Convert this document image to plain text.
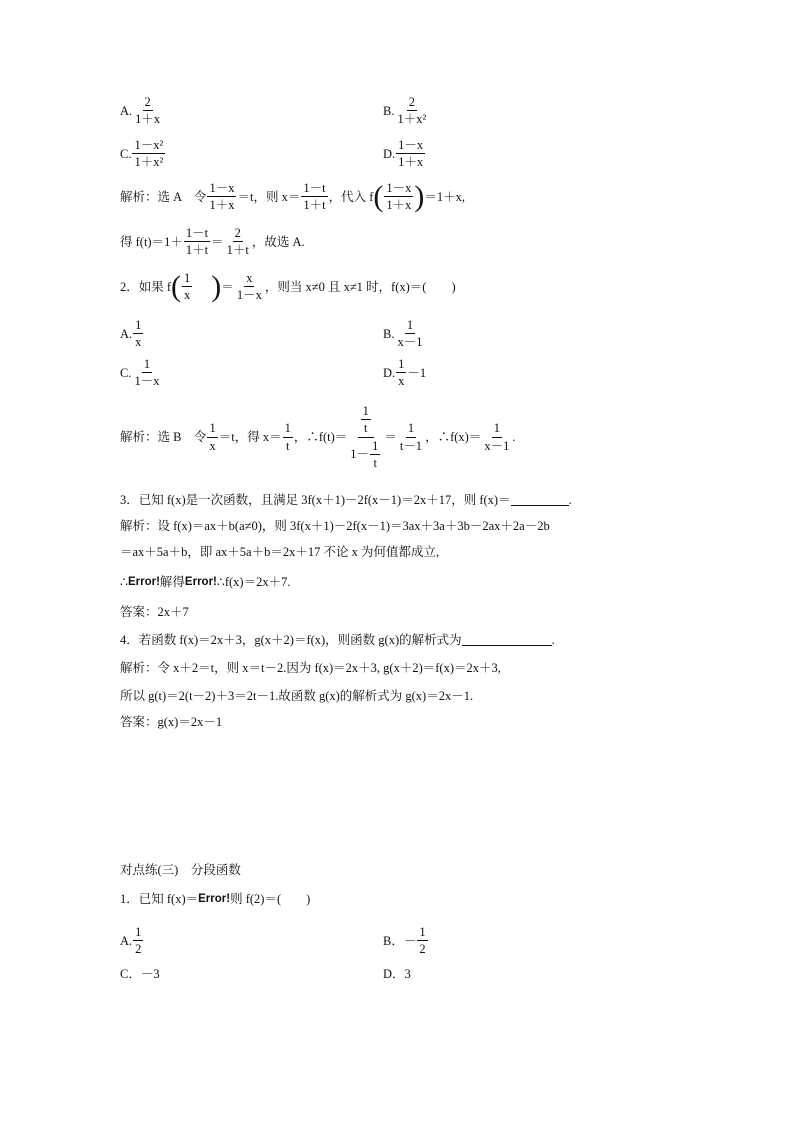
A. $\frac{2}{1+x}$	B. $\frac{2}{\text{1＋x²}}$
C. $\frac{\text{1－x²}}{\text{1＋x²}}$	D. $\frac{1-x}{1+x}$
解析：选 A　令 $\frac{1-x}{1+x} =t$，则 $x= \frac{1-t}{1+t}$ ，代入 f ( $\frac{1-x}{1+x}$ ) ＝1＋x,
得 $f(t)=1+ \frac{1-t}{1+t} = \frac{2}{1+t}$ ，故选 A.
2．如果 f ( $\frac{1}{x}$ ) ＝ $\frac{x}{1-x}$ ，则当 x≠0 且 x≠1 时，f(x)＝(　　)
A. $\frac{1}{x}$	B. $\frac{1}{x-1}$
C. $\frac{1}{1-x}$	D. $\frac{1}{x} -1$
解析：选 B　令 $\frac{1}{x} =t$，得 $x= \frac{1}{t}$ ，∴f(t)＝ $\frac{\frac{1}{t}}{1- \frac{1}{t}} = \frac{1}{t-1}$ ，∴f(x)＝ $\frac{1}{x-1}$ .
3．已知 f(x)是一次函数，且满足 3f(x＋1)－2f(x－1)＝2x＋17，则 f(x)＝	.
解析：设 f(x)＝ax＋b(a≠0)，则 3f(x＋1)－2f(x－1)＝3ax＋3a＋3b－2ax＋2a－2b
＝ax＋5a＋b，即 ax＋5a＋b＝2x＋17 不论 x 为何值都成立,
∴ Error! 解得 Error! ∴f(x)＝2x＋7.
答案：2x＋7
4．若函数 f(x)＝2x＋3，g(x＋2)＝f(x)，则函数 g(x)的解析式为	.
解析：令 x＋2＝t，则 x＝t－2.因为 f(x)＝2x＋3, g(x＋2)＝f(x)＝2x＋3,
所以 g(t)＝2(t－2)＋3＝2t－1.故函数 g(x)的解析式为 g(x)＝2x－1.
答案：g(x)＝2x－1
对点练(三)　分段函数
1．已知 f(x)＝ Error! 则 f(2)＝(　　)
A. $\frac{1}{2}$	B．－ $\frac{1}{2}$
C．－3	D．3
